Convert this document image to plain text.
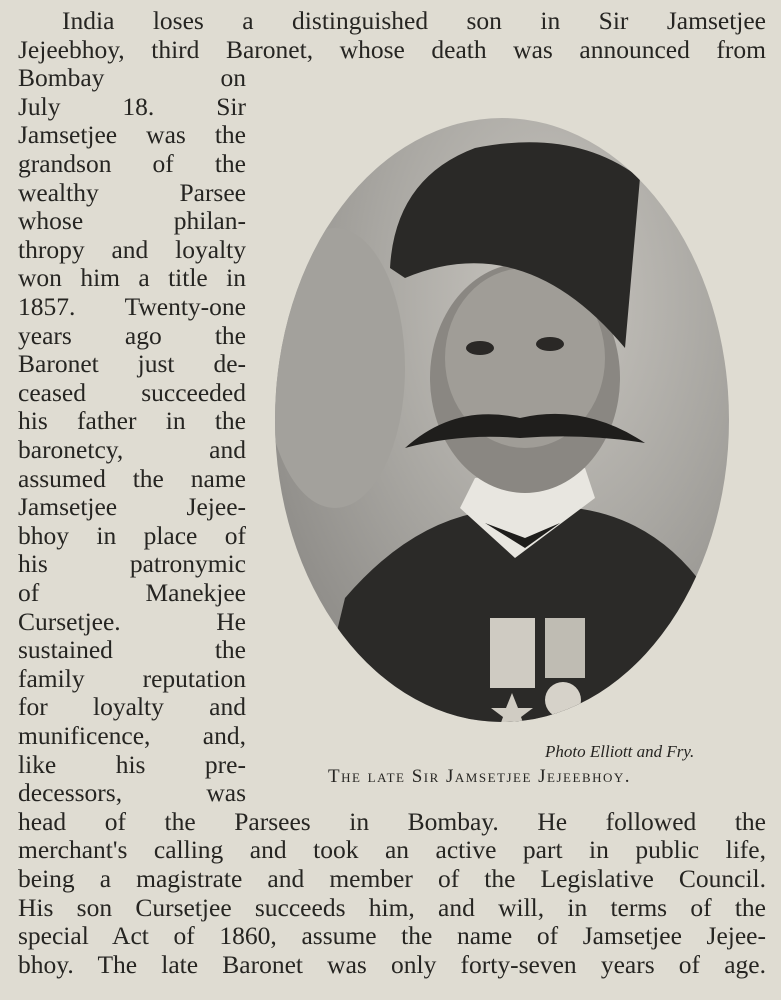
India loses a distinguished son in Sir Jamsetjee
Jejeebhoy, third Baronet, whose death was announced from
Bombay on
July 18. Sir
Jamsetjee was the
grandson of the
wealthy Parsee
whose philan-
thropy and loyalty
won him a title in
1857. Twenty-one
years ago the
Baronet just de-
ceased succeeded
his father in the
baronetcy, and
assumed the name
Jamsetjee Jejee-
bhoy in place of
his patronymic
of Manekjee
Cursetjee. He
sustained the
family reputation
for loyalty and
munificence, and,
like his pre-
decessors, was
head of the Parsees in Bombay. He followed the
merchant's calling and took an active part in public life,
being a magistrate and member of the Legislative Council.
His son Cursetjee succeeds him, and will, in terms of the
special Act of 1860, assume the name of Jamsetjee Jejee-
bhoy. The late Baronet was only forty-seven years of age.
Photo Elliott and Fry.
The late Sir Jamsetjee Jejeebhoy.
